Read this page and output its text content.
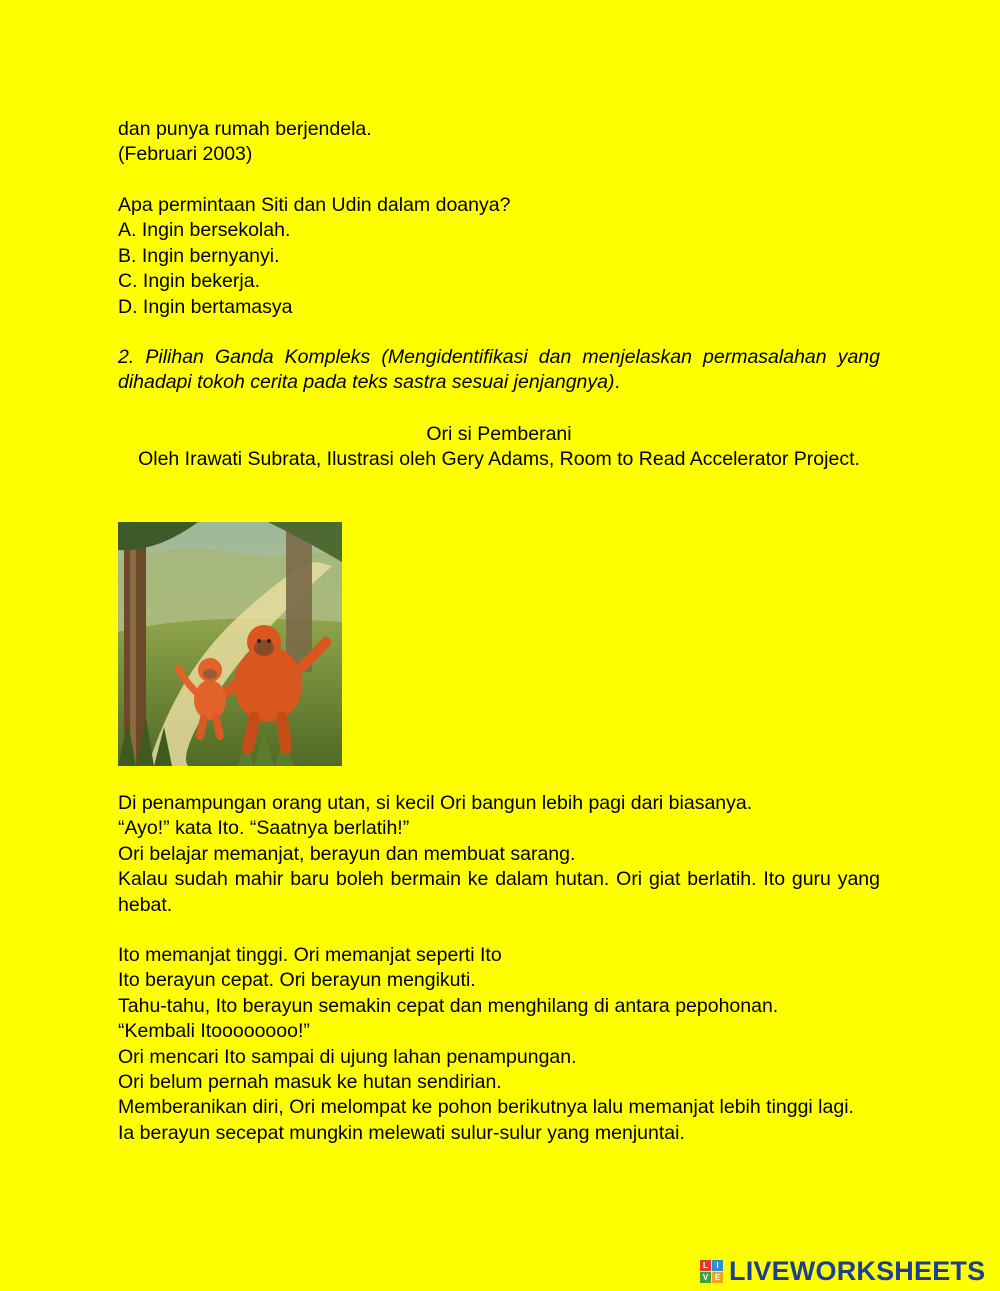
dan punya rumah berjendela.
(Februari 2003)
Apa permintaan Siti dan Udin dalam doanya?
A. Ingin bersekolah.
B. Ingin bernyanyi.
C. Ingin bekerja.
D. Ingin bertamasya
2. Pilihan Ganda Kompleks (Mengidentifikasi dan menjelaskan permasalahan yang dihadapi tokoh cerita pada teks sastra sesuai jenjangnya).
Ori si Pemberani
Oleh Irawati Subrata, Ilustrasi oleh Gery Adams, Room to Read Accelerator Project.
Di penampungan orang utan, si kecil Ori bangun lebih pagi dari biasanya.
“Ayo!” kata Ito. “Saatnya berlatih!”
Ori belajar memanjat, berayun dan membuat sarang.
Kalau sudah mahir baru boleh bermain ke dalam hutan. Ori giat berlatih. Ito guru yang hebat.
Ito memanjat tinggi. Ori memanjat seperti Ito
Ito berayun cepat. Ori berayun mengikuti.
Tahu-tahu, Ito berayun semakin cepat dan menghilang di antara pepohonan.
“Kembali Itoooooooo!”
Ori mencari Ito sampai di ujung lahan penampungan.
Ori belum pernah masuk ke hutan sendirian.
Memberanikan diri, Ori melompat ke pohon berikutnya lalu memanjat lebih tinggi lagi.
Ia berayun secepat mungkin melewati sulur-sulur yang menjuntai.
L	I
V E LIVEWORKSHEETS
